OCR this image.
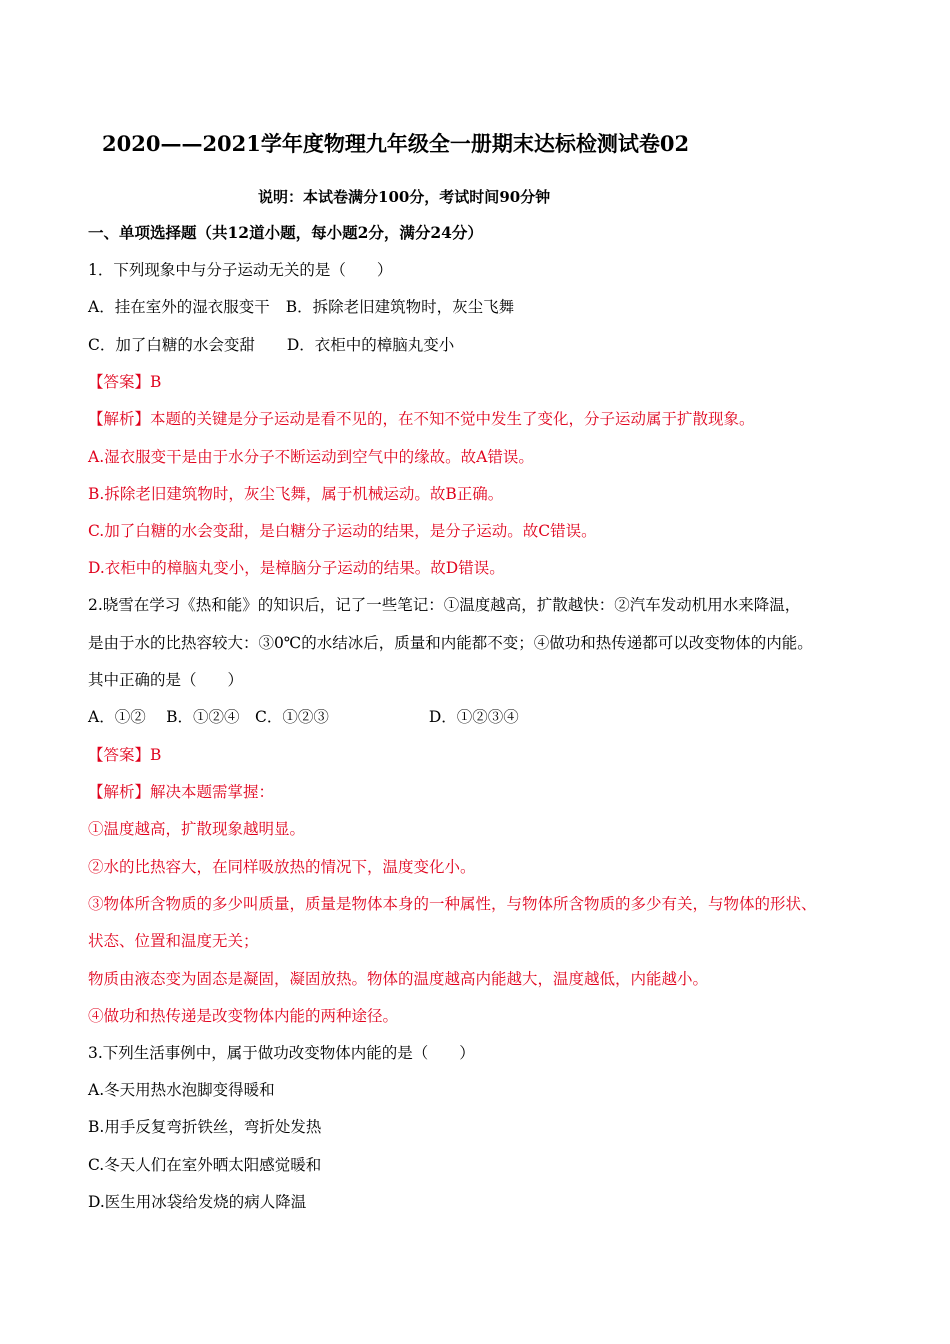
2020——2021学年度物理九年级全一册期末达标检测试卷02
说明：本试卷满分100分，考试时间90分钟
一、单项选择题（共12道小题，每小题2分，满分24分）
1．下列现象中与分子运动无关的是（　　）
A．挂在室外的湿衣服变干 B．拆除老旧建筑物时，灰尘飞舞
C．加了白糖的水会变甜 D．衣柜中的樟脑丸变小
【答案】B
【解析】本题的关键是分子运动是看不见的，在不知不觉中发生了变化，分子运动属于扩散现象。
A.湿衣服变干是由于水分子不断运动到空气中的缘故。故A错误。
B.拆除老旧建筑物时，灰尘飞舞，属于机械运动。故B正确。
C.加了白糖的水会变甜，是白糖分子运动的结果，是分子运动。故C错误。
D.衣柜中的樟脑丸变小，是樟脑分子运动的结果。故D错误。
2.晓雪在学习《热和能》的知识后，记了一些笔记：①温度越高，扩散越快：②汽车发动机用水来降温，
是由于水的比热容较大：③0℃的水结冰后，质量和内能都不变；④做功和热传递都可以改变物体的内能。
其中正确的是（　　）
A．①②　 B．①②④　C．①②③	D．①②③④
【答案】B
【解析】解决本题需掌握：
①温度越高，扩散现象越明显。
②水的比热容大，在同样吸放热的情况下，温度变化小。
③物体所含物质的多少叫质量，质量是物体本身的一种属性，与物体所含物质的多少有关，与物体的形状、
状态、位置和温度无关；
物质由液态变为固态是凝固，凝固放热。物体的温度越高内能越大，温度越低，内能越小。
④做功和热传递是改变物体内能的两种途径。
3.下列生活事例中，属于做功改变物体内能的是（　　）
A.冬天用热水泡脚变得暖和
B.用手反复弯折铁丝，弯折处发热
C.冬天人们在室外晒太阳感觉暖和
D.医生用冰袋给发烧的病人降温
